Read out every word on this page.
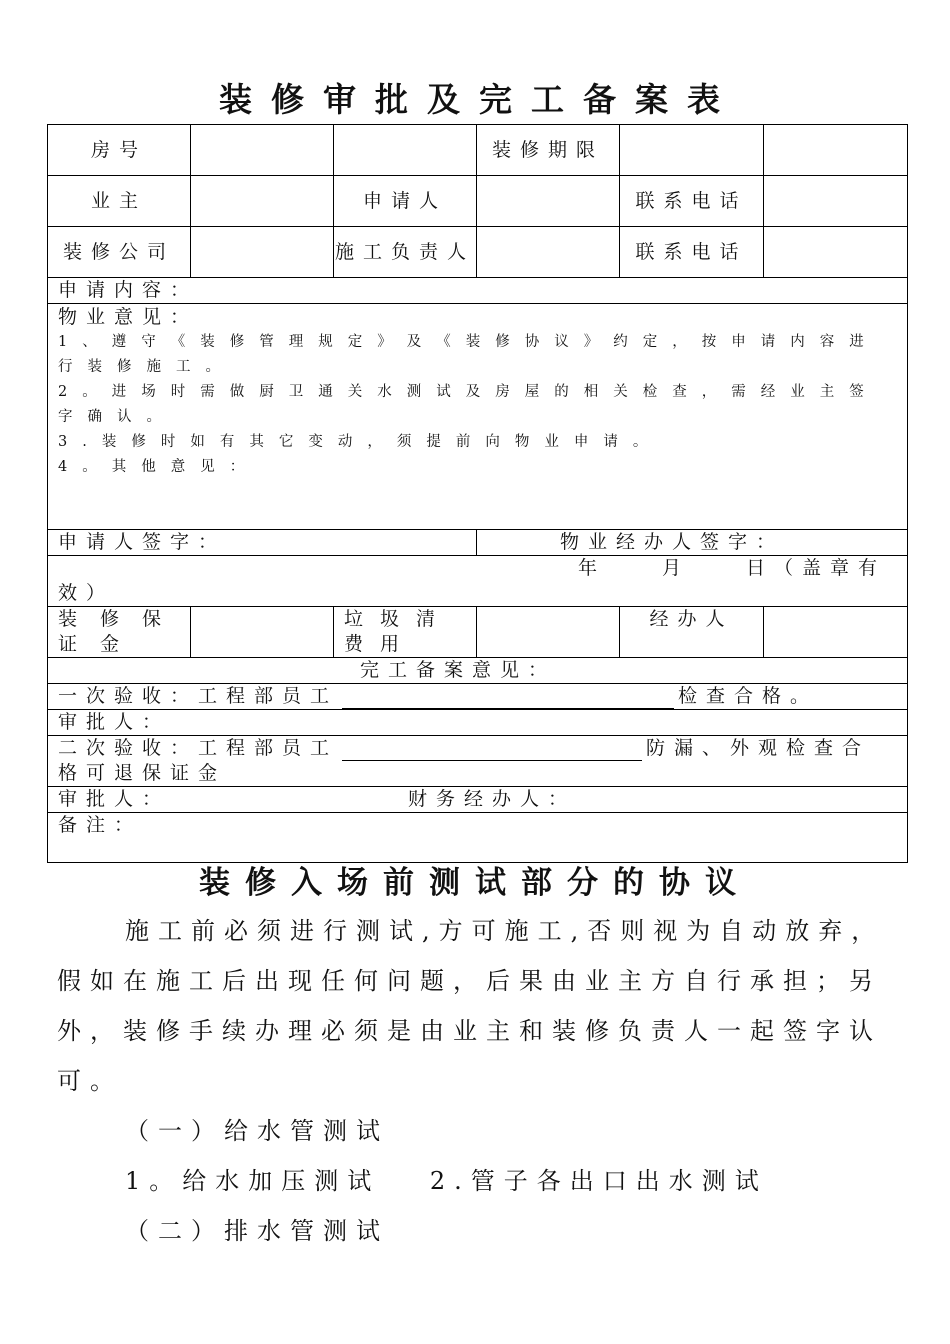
装修审批及完工备案表
房号			装修期限		
业主		申请人		联系电话	
装修公司		施工负责人		联系电话	
申请内容：					

物业意见：
1、遵守《装修管理规定》及《装修协议》约定，按申请内容进行装修施工。
2。进场时需做厨卫通关水测试及房屋的相关检查，需经业主签字确认。
3.装修时如有其它变动，须提前向物业申请。
4。其他意见：					

申请人签字：			物业经办人签字：		
年　　月　　日（盖章有效）					
装修保证金		垃圾清费用		经办人	
完工备案意见：					
一次验收：工程部员工 检查合格。					
审批人：					
二次验收：工程部员工 防漏、外观检查合格可退保证金					
审批人： 财务经办人：					
备注：					
装修入场前测试部分的协议

施工前必须进行测试,方可施工,否则视为自动放弃，假如在施工后出现任何问题，后果由业主方自行承担；另外，装修手续办理必须是由业主和装修负责人一起签字认可。

（一）给水管测试

1。给水加压测试　 2.管子各出口出水测试

（二）排水管测试
